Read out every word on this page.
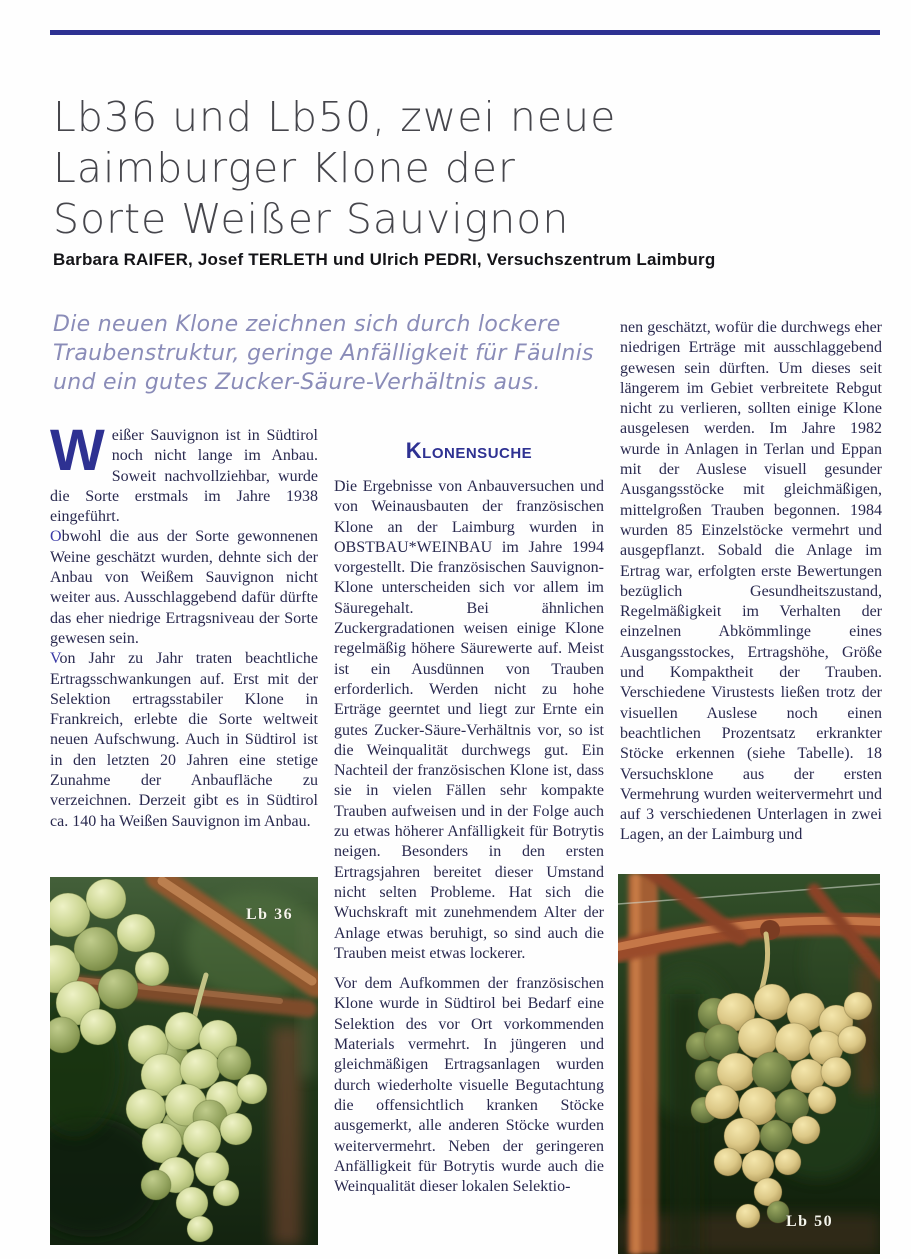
Lb36 und Lb50, zwei neue
Laimburger Klone der
Sorte Weißer Sauvignon

Barbara RAIFER, Josef TERLETH und Ulrich PEDRI, Versuchszentrum Laimburg

Die neuen Klone zeichnen sich durch lockere Traubenstruktur, geringe Anfälligkeit für Fäulnis und ein gutes Zucker-Säure-Verhältnis aus.

Weißer Sauvignon ist in Südtirol noch nicht lange im Anbau. Soweit nachvollziehbar, wurde die Sorte erstmals im Jahre 1938 eingeführt.

Obwohl die aus der Sorte gewonnenen Weine geschätzt wurden, dehnte sich der Anbau von Weißem Sauvignon nicht weiter aus. Ausschlaggebend dafür dürfte das eher niedrige Ertragsniveau der Sorte gewesen sein.

Von Jahr zu Jahr traten beachtliche Ertragsschwankungen auf. Erst mit der Selektion ertragsstabiler Klone in Frankreich, erlebte die Sorte weltweit neuen Aufschwung. Auch in Südtirol ist in den letzten 20 Jahren eine stetige Zunahme der Anbaufläche zu verzeichnen. Derzeit gibt es in Südtirol ca. 140 ha Weißen Sauvignon im Anbau.

Klonensuche

Die Ergebnisse von Anbauversuchen und von Weinausbauten der französischen Klone an der Laimburg wurden in OBSTBAU*WEINBAU im Jahre 1994 vorgestellt. Die französischen Sauvignon-Klone unterscheiden sich vor allem im Säuregehalt. Bei ähnlichen Zuckergradationen weisen einige Klone regelmäßig höhere Säurewerte auf. Meist ist ein Ausdünnen von Trauben erforderlich. Werden nicht zu hohe Erträge geerntet und liegt zur Ernte ein gutes Zucker-Säure-Verhältnis vor, so ist die Weinqualität durchwegs gut. Ein Nachteil der französischen Klone ist, dass sie in vielen Fällen sehr kompakte Trauben aufweisen und in der Folge auch zu etwas höherer Anfälligkeit für Botrytis neigen. Besonders in den ersten Ertragsjahren bereitet dieser Umstand nicht selten Probleme. Hat sich die Wuchskraft mit zunehmendem Alter der Anlage etwas beruhigt, so sind auch die Trauben meist etwas lockerer.

Vor dem Aufkommen der französischen Klone wurde in Südtirol bei Bedarf eine Selektion des vor Ort vorkommenden Materials vermehrt. In jüngeren und gleichmäßigen Ertragsanlagen wurden durch wiederholte visuelle Begutachtung die offensichtlich kranken Stöcke ausgemerkt, alle anderen Stöcke wurden weitervermehrt. Neben der geringeren Anfälligkeit für Botrytis wurde auch die Weinqualität dieser lokalen Selektio-

nen geschätzt, wofür die durchwegs eher niedrigen Erträge mit ausschlaggebend gewesen sein dürften. Um dieses seit längerem im Gebiet verbreitete Rebgut nicht zu verlieren, sollten einige Klone ausgelesen werden. Im Jahre 1982 wurde in Anlagen in Terlan und Eppan mit der Auslese visuell gesunder Ausgangsstöcke mit gleichmäßigen, mittelgroßen Trauben begonnen. 1984 wurden 85 Einzelstöcke vermehrt und ausgepflanzt. Sobald die Anlage im Ertrag war, erfolgten erste Bewertungen bezüglich Gesundheitszustand, Regelmäßigkeit im Verhalten der einzelnen Abkömmlinge eines Ausgangsstockes, Ertragshöhe, Größe und Kompaktheit der Trauben. Verschiedene Virustests ließen trotz der visuellen Auslese noch einen beachtlichen Prozentsatz erkrankter Stöcke erkennen (siehe Tabelle). 18 Versuchsklone aus der ersten Vermehrung wurden weitervermehrt und auf 3 verschiedenen Unterlagen in zwei Lagen, an der Laimburg und

Lb 36
Lb 50
